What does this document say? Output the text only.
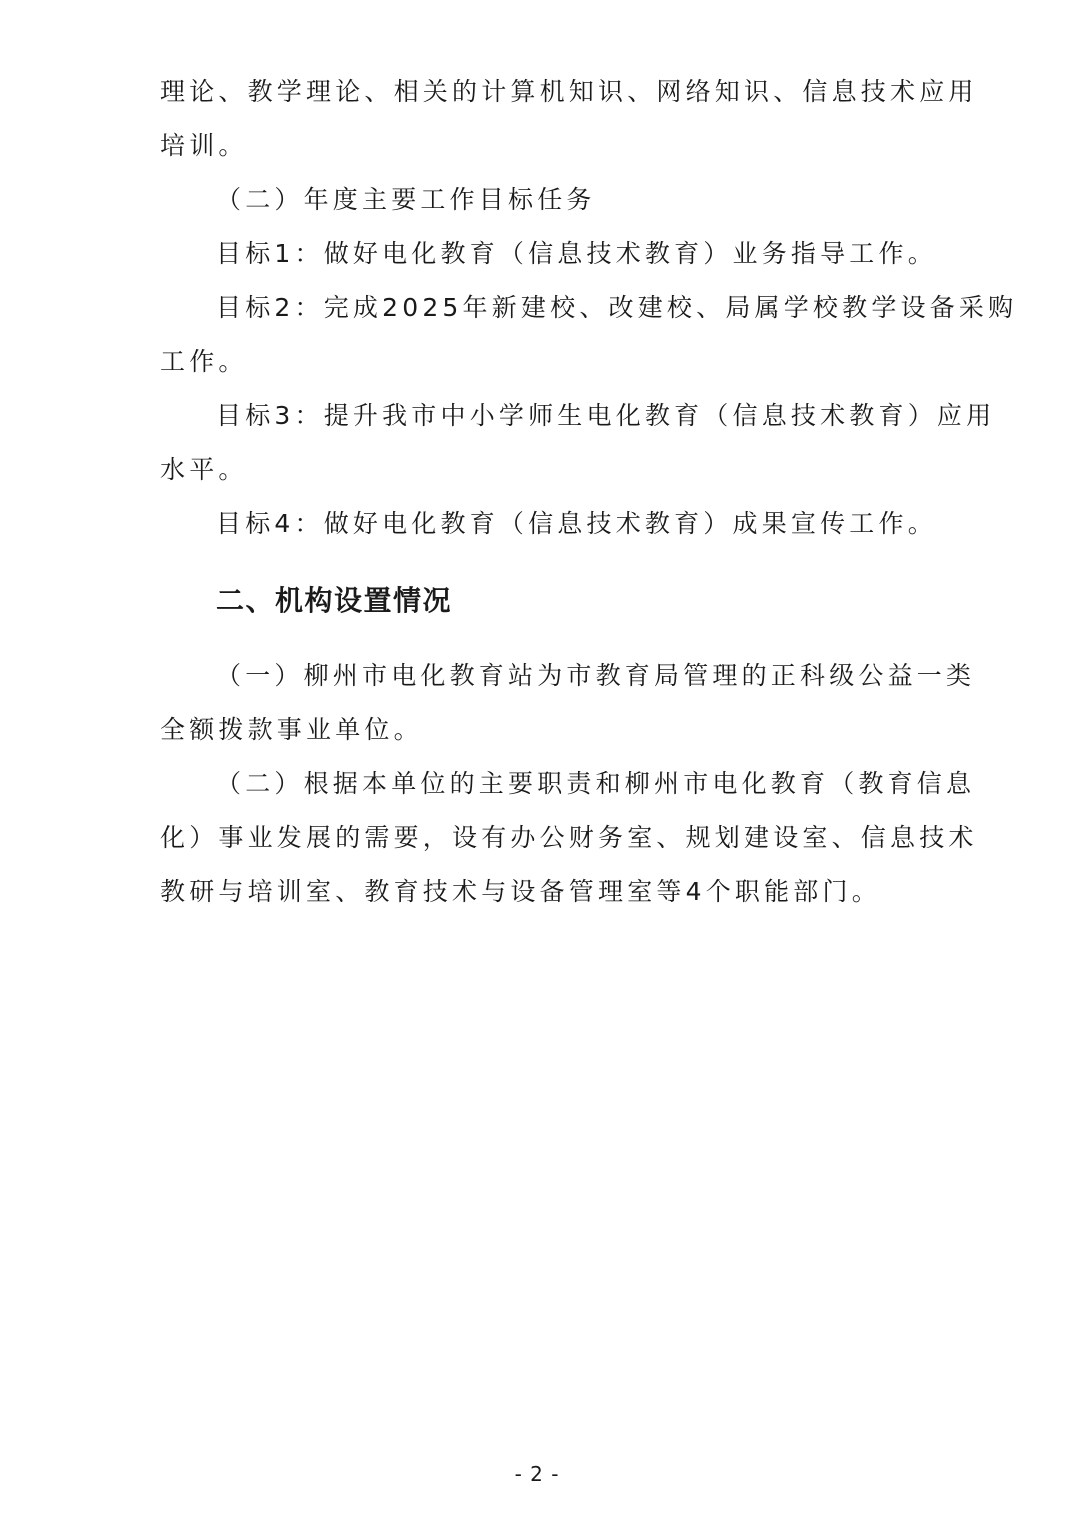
理论、教学理论、相关的计算机知识、网络知识、信息技术应用
培训。
（二）年度主要工作目标任务
目标1：做好电化教育（信息技术教育）业务指导工作。
目标2：完成2025年新建校、改建校、局属学校教学设备采购
工作。
目标3：提升我市中小学师生电化教育（信息技术教育）应用
水平。
目标4：做好电化教育（信息技术教育）成果宣传工作。
二、机构设置情况
（一）柳州市电化教育站为市教育局管理的正科级公益一类
全额拨款事业单位。
（二）根据本单位的主要职责和柳州市电化教育（教育信息
化）事业发展的需要，设有办公财务室、规划建设室、信息技术
教研与培训室、教育技术与设备管理室等4个职能部门。
- 2 -
